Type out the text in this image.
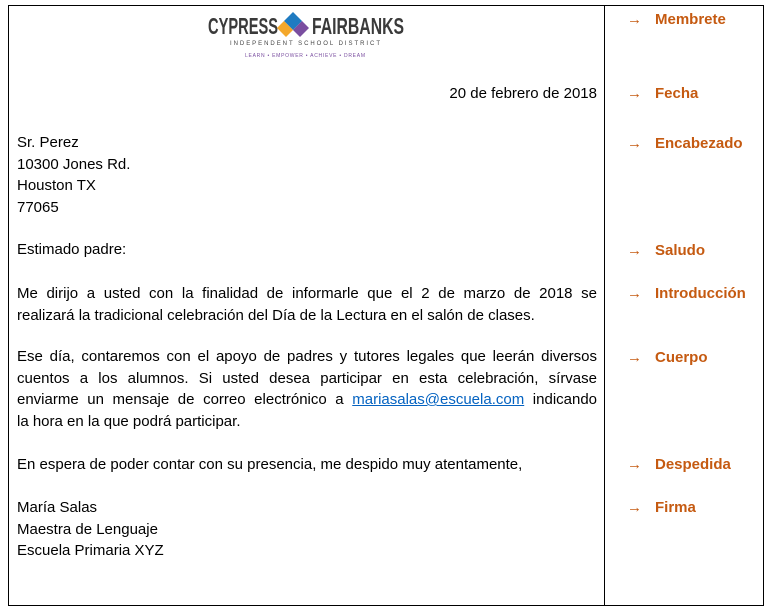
CYPRESS FAIRBANKS
INDEPENDENT SCHOOL DISTRICT
LEARN • EMPOWER • ACHIEVE • DREAM
20 de febrero de 2018
Sr. Perez
10300 Jones Rd.
Houston TX
77065
Estimado padre:
Me dirijo a usted con la finalidad de informarle que el 2 de marzo de 2018 se
realizará la tradicional celebración del Día de la Lectura en el salón de clases.
Ese día, contaremos con el apoyo de padres y tutores legales que leerán diversos
cuentos a los alumnos. Si usted desea participar en esta celebración, sírvase
enviarme un mensaje de correo electrónico a mariasalas@escuela.com indicando
la hora en la que podrá participar.
En espera de poder contar con su presencia, me despido muy atentamente,
María Salas
Maestra de Lenguaje
Escuela Primaria XYZ
→ Membrete
→ Fecha
→ Encabezado
→ Saludo
→ Introducción
→ Cuerpo
→ Despedida
→ Firma
